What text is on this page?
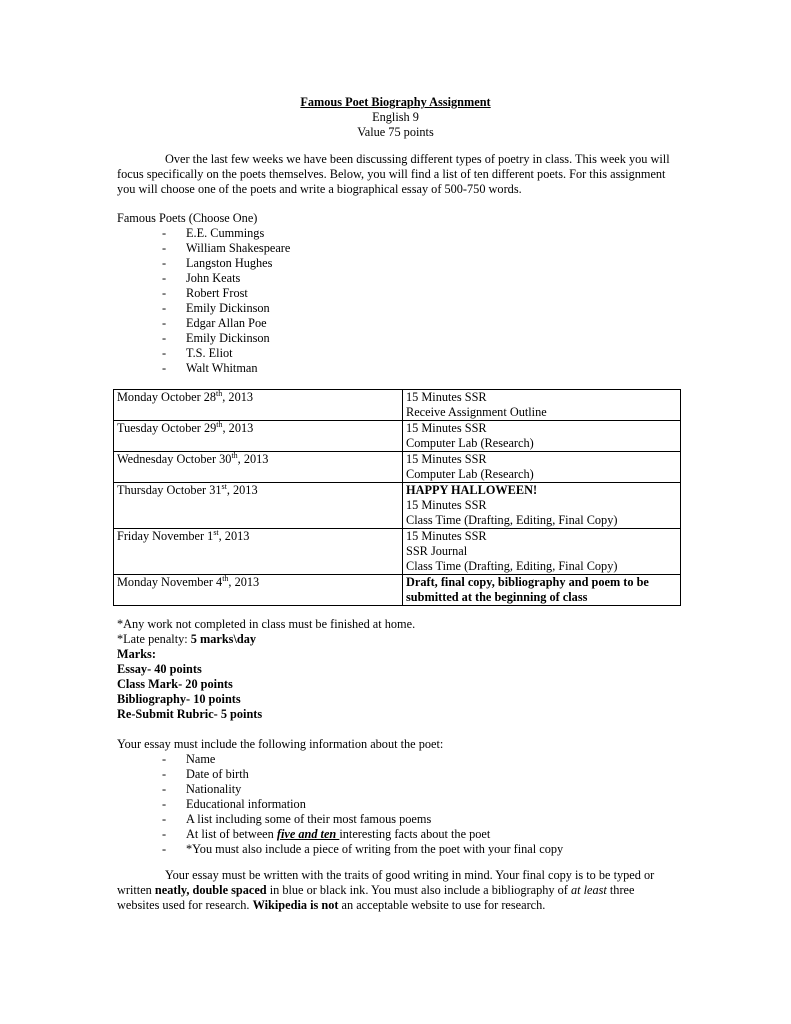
Famous Poet Biography Assignment
English 9
Value 75 points
Over the last few weeks we have been discussing different types of poetry in class. This week you will focus specifically on the poets themselves. Below, you will find a list of ten different poets. For this assignment you will choose one of the poets and write a biographical essay of 500-750 words.
Famous Poets (Choose One)
- E.E. Cummings
- William Shakespeare
- Langston Hughes
- John Keats
- Robert Frost
- Emily Dickinson
- Edgar Allan Poe
- Emily Dickinson
- T.S. Eliot
- Walt Whitman
Monday October 28th, 2013	15 Minutes SSR
Receive Assignment Outline

Tuesday October 29th, 2013	15 Minutes SSR
Computer Lab (Research)

Wednesday October 30th, 2013	15 Minutes SSR
Computer Lab (Research)

Thursday October 31st, 2013	HAPPY HALLOWEEN!
15 Minutes SSR
Class Time (Drafting, Editing, Final Copy)

Friday November 1st, 2013	15 Minutes SSR
SSR Journal
Class Time (Drafting, Editing, Final Copy)

Monday November 4th, 2013	Draft, final copy, bibliography and poem to be submitted at the beginning of class
*Any work not completed in class must be finished at home.
*Late penalty: 5 marks\day
Marks:
Essay- 40 points
Class Mark- 20 points
Bibliography- 10 points
Re-Submit Rubric- 5 points
Your essay must include the following information about the poet:
- Name
- Date of birth
- Nationality
- Educational information
- A list including some of their most famous poems
- At list of between five and ten interesting facts about the poet
- *You must also include a piece of writing from the poet with your final copy
Your essay must be written with the traits of good writing in mind. Your final copy is to be typed or written neatly, double spaced in blue or black ink. You must also include a bibliography of at least three websites used for research. Wikipedia is not an acceptable website to use for research.
